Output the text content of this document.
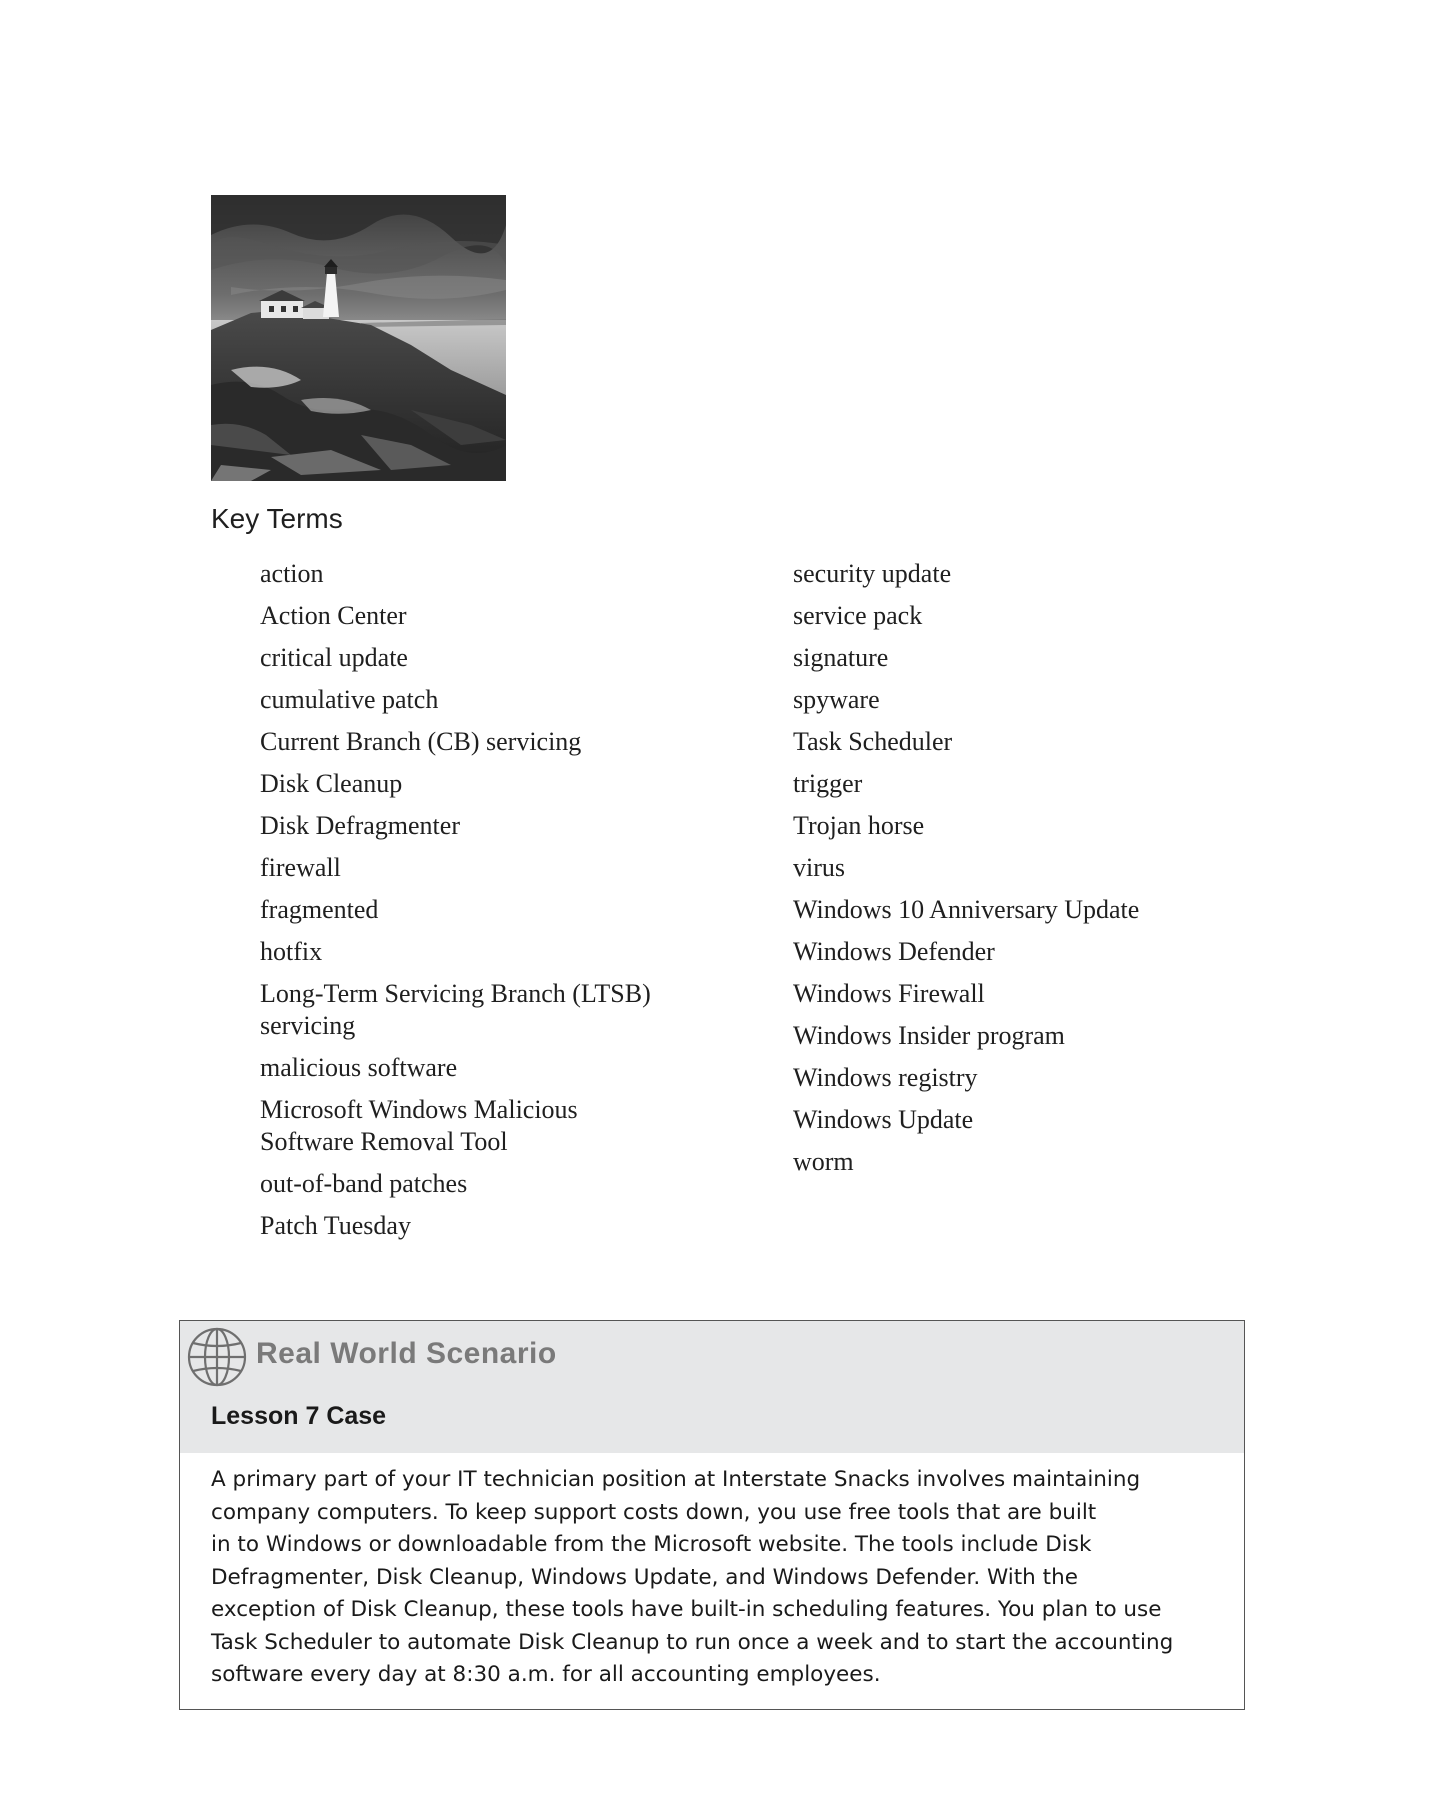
Key Terms
action
Action Center
critical update
cumulative patch
Current Branch (CB) servicing
Disk Cleanup
Disk Defragmenter
firewall
fragmented
hotfix
Long-Term Servicing Branch (LTSB)
servicing
malicious software
Microsoft Windows Malicious
Software Removal Tool
out-of-band patches
Patch Tuesday
security update
service pack
signature
spyware
Task Scheduler
trigger
Trojan horse
virus
Windows 10 Anniversary Update
Windows Defender
Windows Firewall
Windows Insider program
Windows registry
Windows Update
worm
Real World Scenario
Lesson 7 Case

A primary part of your IT technician position at Interstate Snacks involves maintaining
company computers. To keep support costs down, you use free tools that are built
in to Windows or downloadable from the Microsoft website. The tools include Disk
Defragmenter, Disk Cleanup, Windows Update, and Windows Defender. With the
exception of Disk Cleanup, these tools have built-in scheduling features. You plan to use
Task Scheduler to automate Disk Cleanup to run once a week and to start the accounting
software every day at 8:30 a.m. for all accounting employees.
